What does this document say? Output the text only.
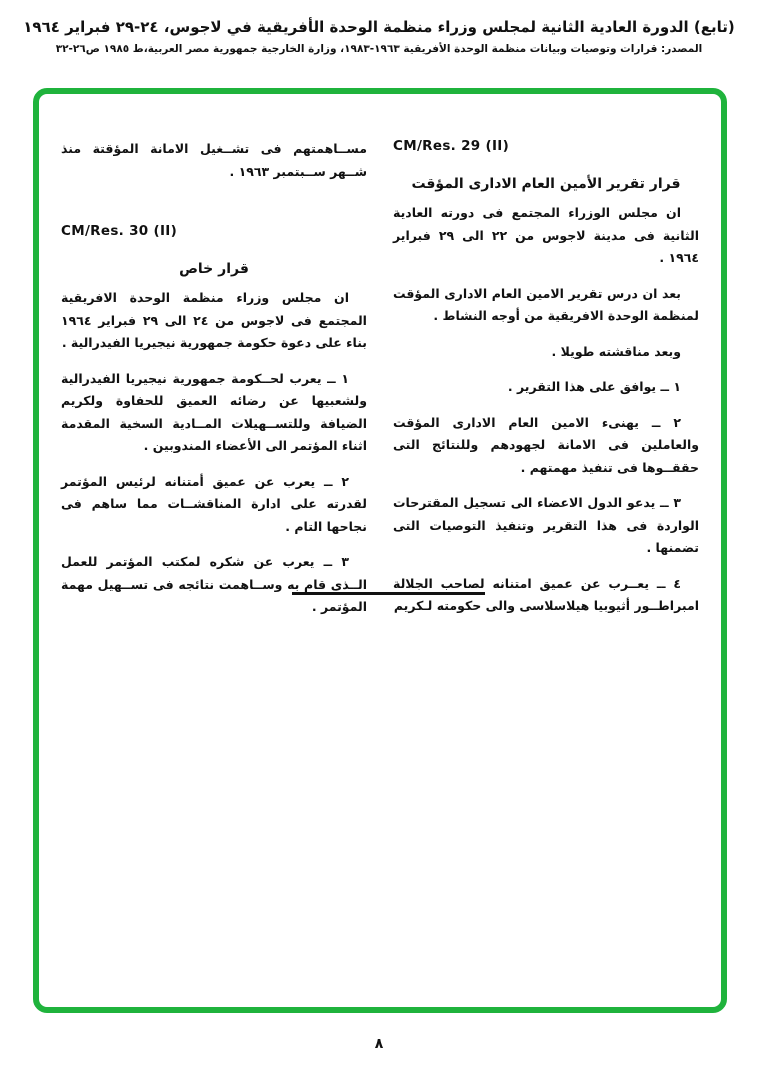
(تابع) الدورة العادية الثانية لمجلس وزراء منظمة الوحدة الأفريقية في لاجوس، ٢٤-٢٩ فبراير ١٩٦٤

المصدر: قرارات وتوصيات وبيانات منظمة الوحدة الأفريقية ١٩٦٣-١٩٨٣، وزارة الخارجية جمهورية مصر العربية،ط ١٩٨٥ ص٢٦-٣٢

CM/Res. 29 (II)

قرار تقرير الأمين العام الادارى المؤقت

ان مجلس الوزراء المجتمع فى دورته العادية الثانية فى مدينة لاجوس من ٢٢ الى ٢٩ فبراير ١٩٦٤ .

بعد ان درس تقرير الامين العام الادارى المؤقت لمنظمة الوحدة الافريقية من أوجه النشاط .

وبعد مناقشته طويلا .

١ ــ يوافق على هذا التقرير .

٢ ــ يهنىء الامين العام الادارى المؤقت والعاملين فى الامانة لجهودهم وللنتائج التى حققــوها فى تنفيذ مهمتهم .

٣ ــ يدعو الدول الاعضاء الى تسجيل المقترحات الواردة فى هذا التقرير وتنفيذ التوصيات التى تضمنها .

٤ ــ يعــرب عن عميق امتنانه لصاحب الجلالة امبراطــور أثيوبيا هيلاسلاسى والى حكومته لـكريم

مســاهمتهم فى تشــغيل الامانة المؤقتة منذ شــهر ســبتمبر ١٩٦٣ .

CM/Res. 30 (II)

قرار خاص

ان مجلس وزراء منظمة الوحدة الافريقية المجتمع فى لاجوس من ٢٤ الى ٢٩ فبراير ١٩٦٤ بناء على دعوة حكومة جمهورية نيجيريا الفيدرالية .

١ ــ يعرب لحــكومة جمهورية نيجيريا الفيدرالية ولشعبيها عن رضائه العميق للحفاوة ولكريم الضيافة وللتســهيلات المــادية السخية المقدمة اثناء المؤتمر الى الأعضاء المندوبين .

٢ ــ يعرب عن عميق أمتنانه لرئيس المؤتمر لقدرته على ادارة المناقشــات مما ساهم فى نجاحها التام .

٣ ــ يعرب عن شكره لمكتب المؤتمر للعمل الــذى قام به وســاهمت نتائجه فى تســهيل مهمة المؤتمر .

٨
